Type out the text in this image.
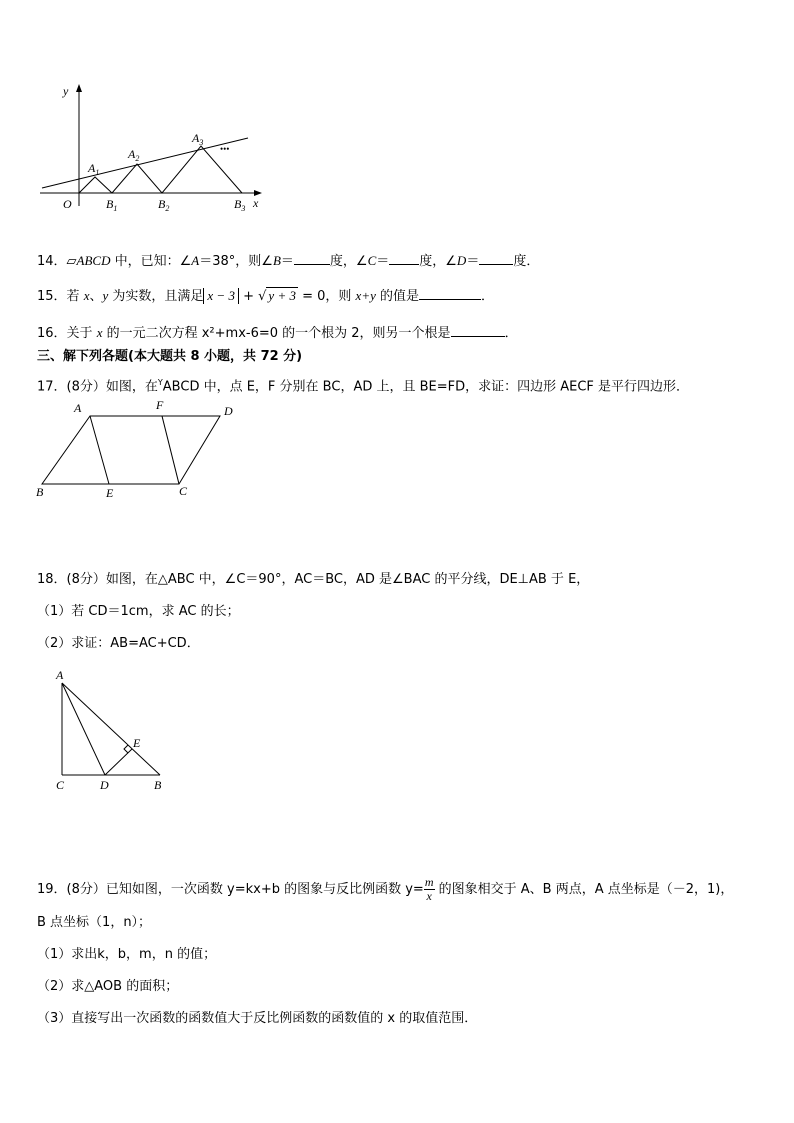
y
x
O
$A_1$
$A_2$
$A_3$
$B_1$	$B_2$	$B_3$
•••
14．▱ABCD 中，已知：∠A＝38°，则∠B＝	度，∠C＝ 度，∠D＝	度．
15．若 x、y 为实数，且满足 x − 3 + √ y + 3 = 0，则 x+y 的值是	．
16．关于 x 的一元二次方程 x²+mx-6=0 的一个根为 2，则另一个根是	．
三、解下列各题(本大题共 8 小题，共 72 分)
17．(8分）如图，在$^Y$ABCD 中，点 E，F 分别在 BC，AD 上，且 BE=FD，求证：四边形 AECF 是平行四边形．
A	F	D
B	E	C
18．(8分）如图，在△ABC 中，∠C＝90°，AC＝BC，AD 是∠BAC 的平分线，DE⊥AB 于 E，
（1）若 CD＝1cm，求 AC 的长；
（2）求证：AB=AC+CD．
A
E
C	D	B
19．(8分）已知如图，一次函数 y=kx+b 的图象与反比例函数 $y= \frac{m}{x}$ 的图象相交于 A、B 两点，A 点坐标是（－2，1)，
B 点坐标（1，n）；
（1）求出k，b，m，n 的值；
（2）求△AOB 的面积；
（3）直接写出一次函数的函数值大于反比例函数的函数值的 x 的取值范围．
